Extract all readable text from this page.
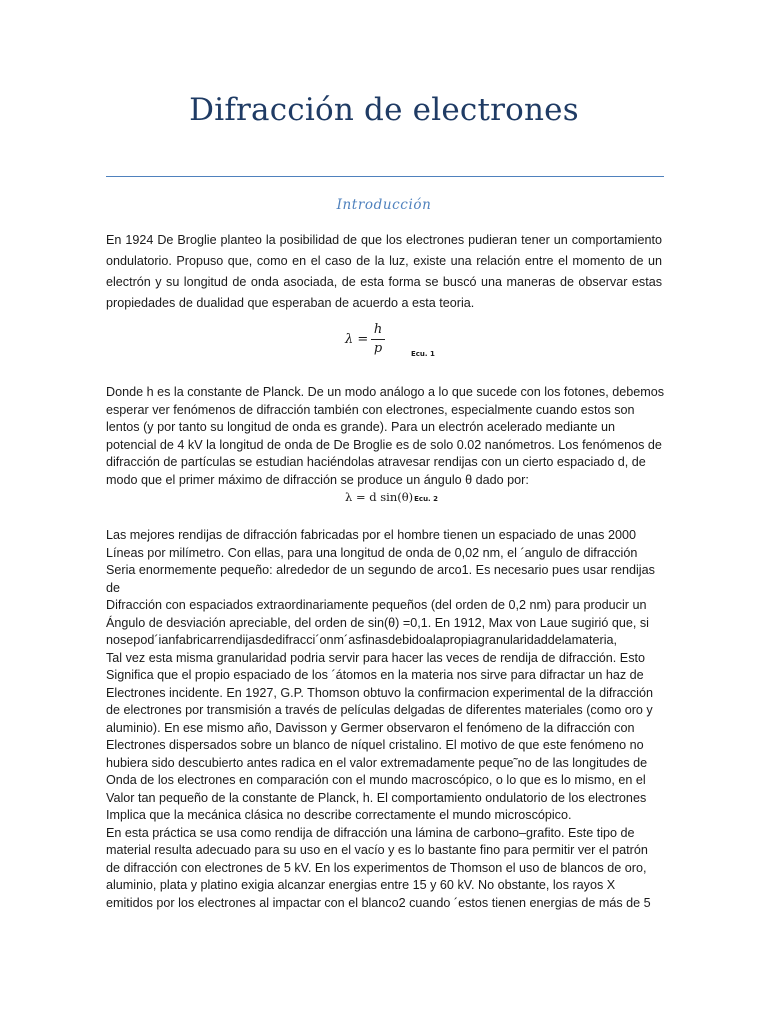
Difracción de electrones
Introducción

En 1924 De Broglie planteo la posibilidad de que los electrones pudieran tener un comportamiento ondulatorio. Propuso que, como en el caso de la luz, existe una relación entre el momento de un electrón y su longitud de onda asociada, de esta forma se buscó una maneras de observar estas propiedades de dualidad que esperaban de acuerdo a esta teoria.

λ =
h
p	Ecu. 1
Donde h es la constante de Planck. De un modo análogo a lo que sucede con los fotones, debemos
esperar ver fenómenos de difracción también con electrones, especialmente cuando estos son
lentos (y por tanto su longitud de onda es grande). Para un electrón acelerado mediante un
potencial de 4 kV la longitud de onda de De Broglie es de solo 0.02 nanómetros. Los fenómenos de
difracción de partículas se estudian haciéndolas atravesar rendijas con un cierto espaciado d, de
modo que el primer máximo de difracción se produce un ángulo θ dado por:
λ = d sin(θ)Ecu. 2
Las mejores rendijas de difracción fabricadas por el hombre tienen un espaciado de unas 2000
Líneas por milímetro. Con ellas, para una longitud de onda de 0,02 nm, el ´angulo de difracción
Seria enormemente pequeño: alrededor de un segundo de arco1. Es necesario pues usar rendijas
de
Difracción con espaciados extraordinariamente pequeños (del orden de 0,2 nm) para producir un
Ángulo de desviación apreciable, del orden de sin(θ) =0,1. En 1912, Max von Laue sugirió que, si
nosepod´ianfabricarrendijasdedifracci´onm´asfinasdebidoalapropiagranularidaddelamateria,
Tal vez esta misma granularidad podria servir para hacer las veces de rendija de difracción. Esto
Significa que el propio espaciado de los ´átomos en la materia nos sirve para difractar un haz de
Electrones incidente. En 1927, G.P. Thomson obtuvo la confirmacion experimental de la difracción
de electrones por transmisión a través de películas delgadas de diferentes materiales (como oro y
aluminio). En ese mismo año, Davisson y Germer observaron el fenómeno de la difracción con
Electrones dispersados sobre un blanco de níquel cristalino. El motivo de que este fenómeno no
hubiera sido descubierto antes radica en el valor extremadamente peque˜no de las longitudes de
Onda de los electrones en comparación con el mundo macroscópico, o lo que es lo mismo, en el
Valor tan pequeño de la constante de Planck, h. El comportamiento ondulatorio de los electrones
Implica que la mecánica clásica no describe correctamente el mundo microscópico.
En esta práctica se usa como rendija de difracción una lámina de carbono–grafito. Este tipo de
material resulta adecuado para su uso en el vacío y es lo bastante fino para permitir ver el patrón
de difracción con electrones de 5 kV. En los experimentos de Thomson el uso de blancos de oro,
aluminio, plata y platino exigia alcanzar energias entre 15 y 60 kV. No obstante, los rayos X
emitidos por los electrones al impactar con el blanco2 cuando ´estos tienen energias de más de 5
